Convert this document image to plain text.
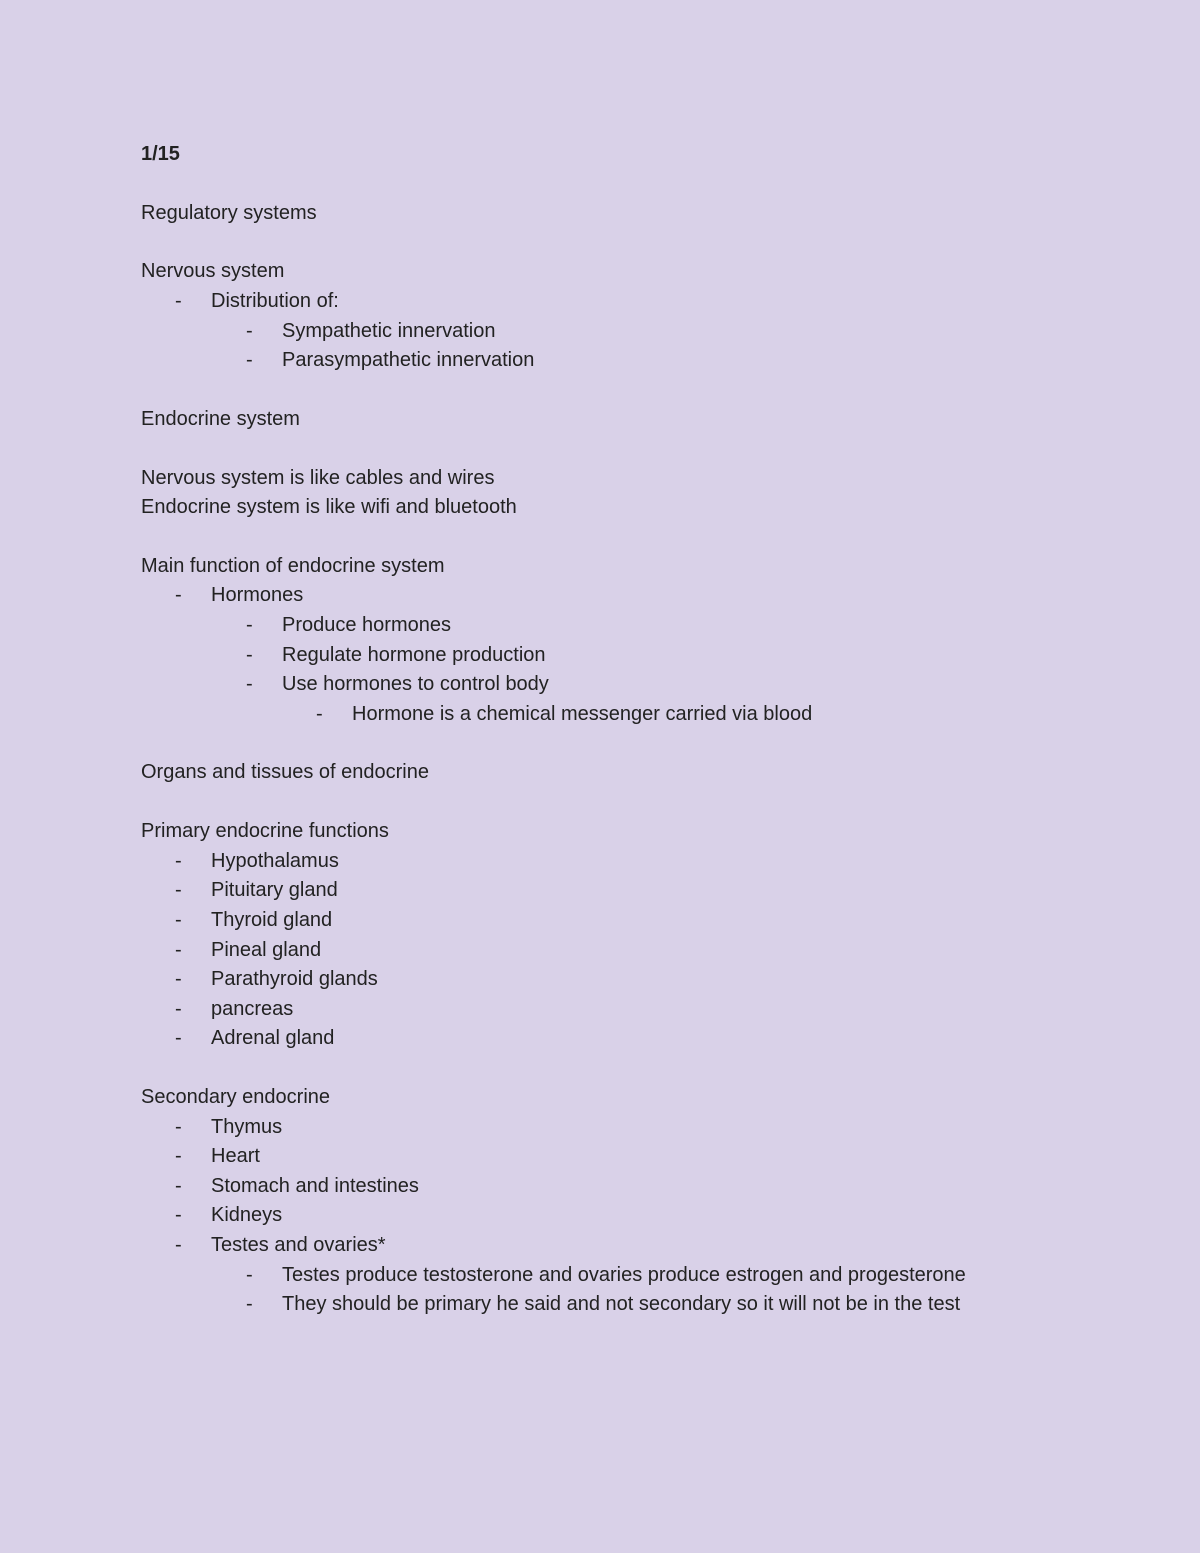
1/15
Regulatory systems
Nervous system
- Distribution of:
- Sympathetic innervation
- Parasympathetic innervation
Endocrine system
Nervous system is like cables and wires
Endocrine system is like wifi and bluetooth
Main function of endocrine system
- Hormones
- Produce hormones
- Regulate hormone production
- Use hormones to control body
- Hormone is a chemical messenger carried via blood
Organs and tissues of endocrine
Primary endocrine functions
- Hypothalamus
- Pituitary gland
- Thyroid gland
- Pineal gland
- Parathyroid glands
- pancreas
- Adrenal gland
Secondary endocrine
- Thymus
- Heart
- Stomach and intestines
- Kidneys
- Testes and ovaries*
- Testes produce testosterone and ovaries produce estrogen and progesterone
- They should be primary he said and not secondary so it will not be in the test
